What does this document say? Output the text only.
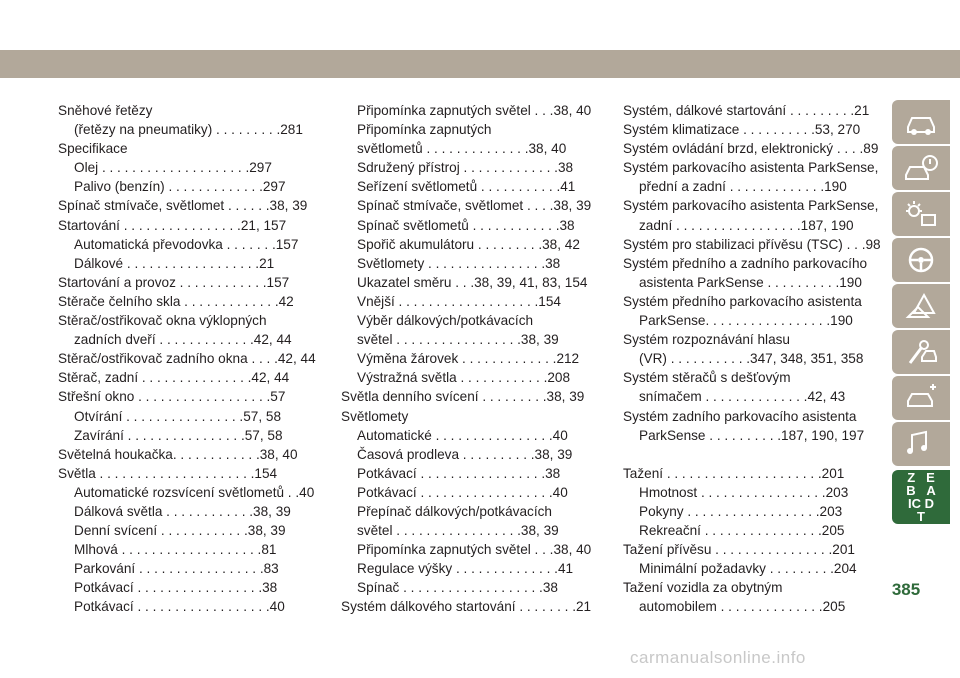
Sněhové řetězy
(řetězy na pneumatiky) . . . . . . . . .281
Specifikace
Olej . . . . . . . . . . . . . . . . . . . .297
Palivo (benzín) . . . . . . . . . . . . .297
Spínač stmívače, světlomet . . . . . .38, 39
Startování . . . . . . . . . . . . . . . .21, 157
Automatická převodovka . . . . . . .157
Dálkové . . . . . . . . . . . . . . . . . .21
Startování a provoz . . . . . . . . . . . .157
Stěrače čelního skla . . . . . . . . . . . . .42
Stěrač/ostřikovač okna výklopných
zadních dveří . . . . . . . . . . . . .42, 44
Stěrač/ostřikovač zadního okna . . . .42, 44
Stěrač, zadní . . . . . . . . . . . . . . .42, 44
Střešní okno . . . . . . . . . . . . . . . . . .57
Otvírání . . . . . . . . . . . . . . . .57, 58
Zavírání . . . . . . . . . . . . . . . .57, 58
Světelná houkačka. . . . . . . . . . . .38, 40
Světla . . . . . . . . . . . . . . . . . . . . .154
Automatické rozsvícení světlometů . .40
Dálková světla . . . . . . . . . . . .38, 39
Denní svícení . . . . . . . . . . . .38, 39
Mlhová . . . . . . . . . . . . . . . . . . .81
Parkování . . . . . . . . . . . . . . . . .83
Potkávací . . . . . . . . . . . . . . . . .38
Potkávací . . . . . . . . . . . . . . . . . .40
Připomínka zapnutých světel . . .38, 40
Připomínka zapnutých
světlometů . . . . . . . . . . . . . .38, 40
Sdružený přístroj . . . . . . . . . . . . .38
Seřízení světlometů . . . . . . . . . . .41
Spínač stmívače, světlomet . . . .38, 39
Spínač světlometů . . . . . . . . . . . .38
Spořič akumulátoru . . . . . . . . .38, 42
Světlomety . . . . . . . . . . . . . . . .38
Ukazatel směru . . .38, 39, 41, 83, 154
Vnější . . . . . . . . . . . . . . . . . . .154
Výběr dálkových/potkávacích
světel . . . . . . . . . . . . . . . . .38, 39
Výměna žárovek . . . . . . . . . . . . .212
Výstražná světla . . . . . . . . . . . .208
Světla denního svícení . . . . . . . . .38, 39
Světlomety
Automatické . . . . . . . . . . . . . . . .40
Časová prodleva . . . . . . . . . .38, 39
Potkávací . . . . . . . . . . . . . . . . .38
Potkávací . . . . . . . . . . . . . . . . . .40
Přepínač dálkových/potkávacích
světel . . . . . . . . . . . . . . . . .38, 39
Připomínka zapnutých světel . . .38, 40
Regulace výšky . . . . . . . . . . . . . .41
Spínač . . . . . . . . . . . . . . . . . . .38
Systém dálkového startování . . . . . . . .21
Systém, dálkové startování . . . . . . . . .21
Systém klimatizace . . . . . . . . . .53, 270
Systém ovládání brzd, elektronický . . . .89
Systém parkovacího asistenta ParkSense,
přední a zadní . . . . . . . . . . . . .190
Systém parkovacího asistenta ParkSense,
zadní . . . . . . . . . . . . . . . . .187, 190
Systém pro stabilizaci přívěsu (TSC) . . .98
Systém předního a zadního parkovacího
asistenta ParkSense . . . . . . . . . .190
Systém předního parkovacího asistenta
ParkSense. . . . . . . . . . . . . . . . .190
Systém rozpoznávání hlasu
(VR) . . . . . . . . . . .347, 348, 351, 358
Systém stěračů s dešťovým
snímačem . . . . . . . . . . . . . .42, 43
Systém zadního parkovacího asistenta
ParkSense . . . . . . . . . .187, 190, 197
Tažení . . . . . . . . . . . . . . . . . . . . .201
Hmotnost . . . . . . . . . . . . . . . . .203
Pokyny . . . . . . . . . . . . . . . . . .203
Rekreační . . . . . . . . . . . . . . . .205
Tažení přívěsu . . . . . . . . . . . . . . . .201
Minimální požadavky . . . . . . . . .204
Tažení vozidla za obytným
automobilem . . . . . . . . . . . . . .205
Z E
B A
IC D
T
385
carmanualsonline.info
